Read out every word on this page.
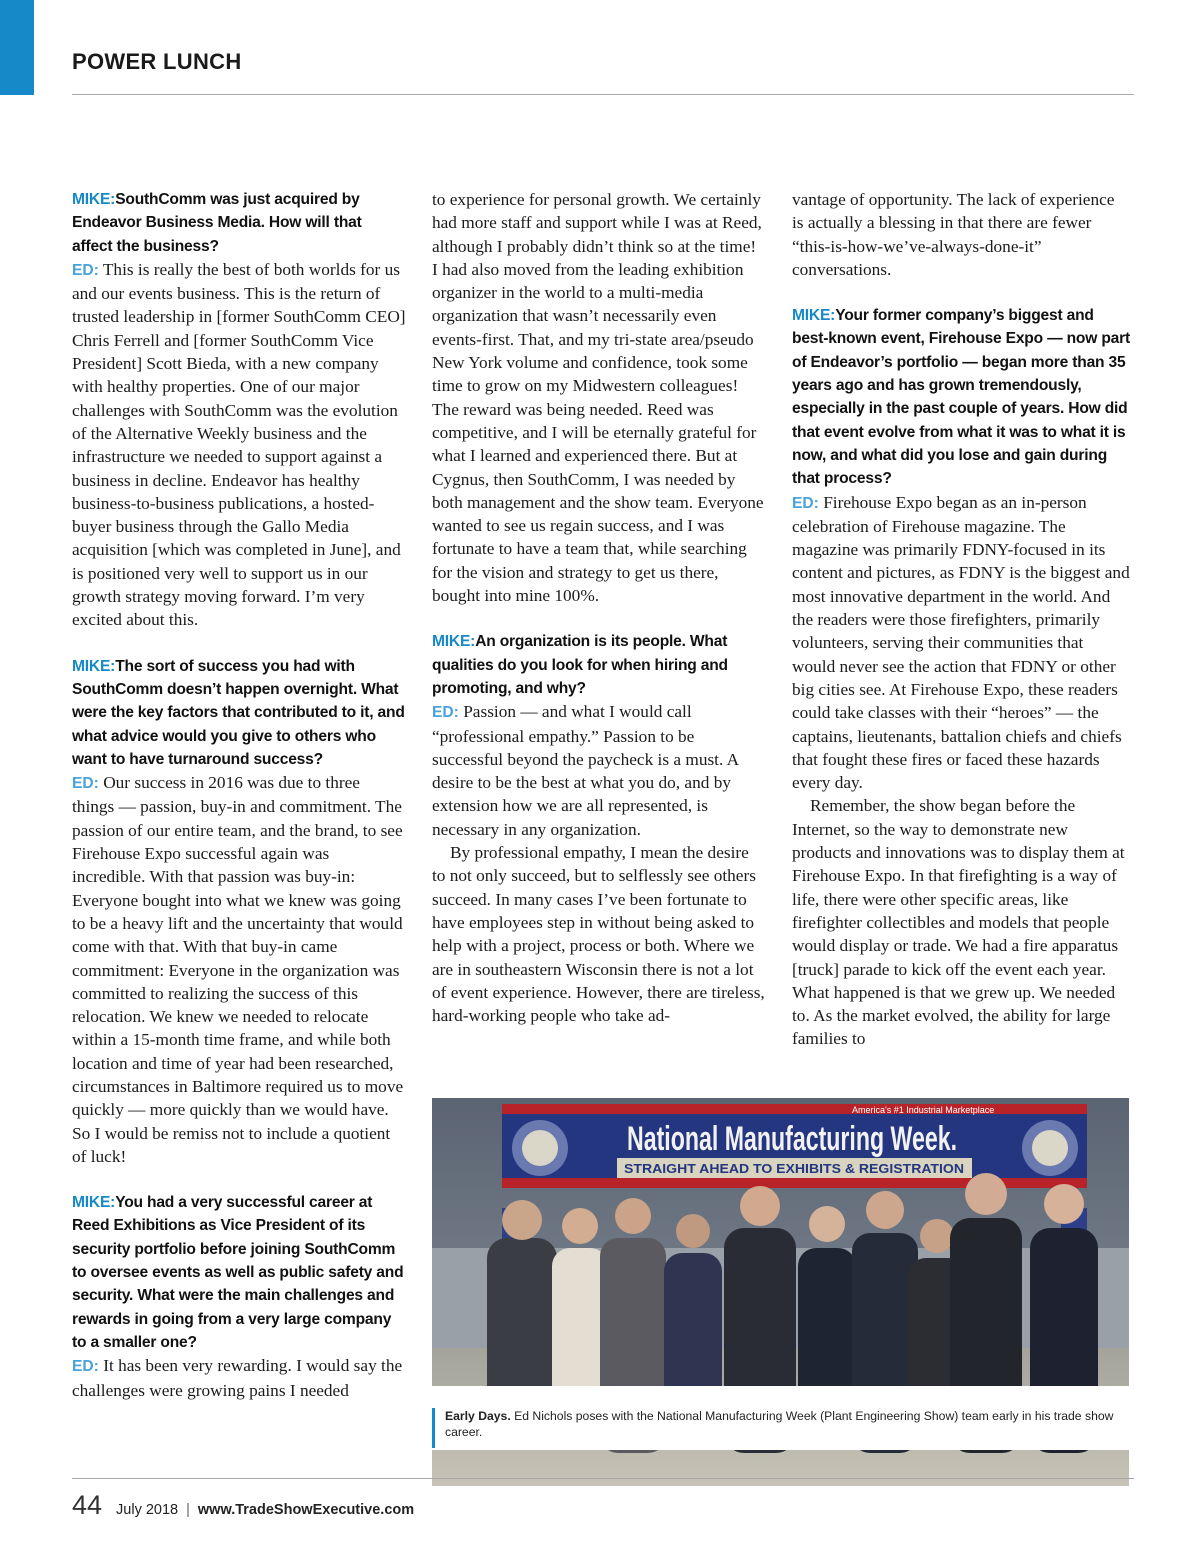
POWER LUNCH

MIKE:SouthComm was just acquired by Endeavor Business Media. How will that affect the business?

ED: This is really the best of both worlds for us and our events business. This is the return of trusted leadership in [former SouthComm CEO] Chris Ferrell and [former SouthComm Vice President] Scott Bieda, with a new company with healthy properties. One of our major challenges with SouthComm was the evolution of the Alternative Weekly business and the infrastructure we needed to support against a business in decline. Endeavor has healthy business-to-business publications, a hosted-buyer business through the Gallo Media acquisition [which was completed in June], and is positioned very well to support us in our growth strategy moving forward. I’m very excited about this.

MIKE:The sort of success you had with SouthComm doesn’t happen overnight. What were the key factors that contributed to it, and what advice would you give to others who want to have turnaround success?

ED: Our success in 2016 was due to three things — passion, buy-in and commitment. The passion of our entire team, and the brand, to see Firehouse Expo successful again was incredible. With that passion was buy-in: Everyone bought into what we knew was going to be a heavy lift and the uncertainty that would come with that. With that buy-in came commitment: Everyone in the organization was committed to realizing the success of this relocation. We knew we needed to relocate within a 15-month time frame, and while both location and time of year had been researched, circumstances in Baltimore required us to move quickly — more quickly than we would have. So I would be remiss not to include a quotient of luck!

MIKE:You had a very successful career at Reed Exhibitions as Vice President of its security portfolio before joining SouthComm to oversee events as well as public safety and security. What were the main challenges and rewards in going from a very large company to a smaller one?

ED: It has been very rewarding. I would say the challenges were growing pains I needed

to experience for personal growth. We certainly had more staff and support while I was at Reed, although I probably didn’t think so at the time! I had also moved from the leading exhibition organizer in the world to a multi-media organization that wasn’t necessarily even events-first. That, and my tri-state area/pseudo New York volume and confidence, took some time to grow on my Midwestern colleagues! The reward was being needed. Reed was competitive, and I will be eternally grateful for what I learned and experienced there. But at Cygnus, then SouthComm, I was needed by both management and the show team. Everyone wanted to see us regain success, and I was fortunate to have a team that, while searching for the vision and strategy to get us there, bought into mine 100%.

MIKE:An organization is its people. What qualities do you look for when hiring and promoting, and why?

ED: Passion — and what I would call “professional empathy.” Passion to be successful beyond the paycheck is a must. A desire to be the best at what you do, and by extension how we are all represented, is necessary in any organization.

By professional empathy, I mean the desire to not only succeed, but to selflessly see others succeed. In many cases I’ve been fortunate to have employees step in without being asked to help with a project, process or both. Where we are in southeastern Wisconsin there is not a lot of event experience. However, there are tireless, hard-working people who take ad-

vantage of opportunity. The lack of experience is actually a blessing in that there are fewer “this-is-how-we’ve-always-done-it” conversations.

MIKE:Your former company’s biggest and best-known event, Firehouse Expo — now part of Endeavor’s portfolio — began more than 35 years ago and has grown tremendously, especially in the past couple of years. How did that event evolve from what it was to what it is now, and what did you lose and gain during that process?

ED: Firehouse Expo began as an in-person celebration of Firehouse magazine. The magazine was primarily FDNY-focused in its content and pictures, as FDNY is the biggest and most innovative department in the world. And the readers were those firefighters, primarily volunteers, serving their communities that would never see the action that FDNY or other big cities see. At Firehouse Expo, these readers could take classes with their “heroes” — the captains, lieutenants, battalion chiefs and chiefs that fought these fires or faced these hazards every day.

Remember, the show began before the Internet, so the way to demonstrate new products and innovations was to display them at Firehouse Expo. In that firefighting is a way of life, there were other specific areas, like firefighter collectibles and models that people would display or trade. We had a fire apparatus [truck] parade to kick off the event each year. What happened is that we grew up. We needed to. As the market evolved, the ability for large families to

America's #1 Industrial Marketplace
National Manufacturing Week.
STRAIGHT AHEAD TO EXHIBITS & REGISTRATION
Early Days. Ed Nichols poses with the National Manufacturing Week (Plant Engineering Show) team early in his trade show career.
44 July 2018 | www.TradeShowExecutive.com
